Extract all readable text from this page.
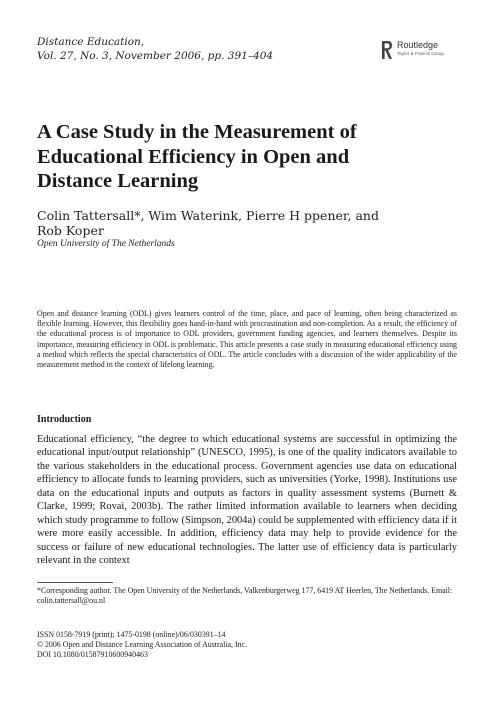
Distance Education,
Vol. 27, No. 3, November 2006, pp. 391–404
Routledge
Taylor & Francis Group
A Case Study in the Measurement of
Educational Efficiency in Open and
Distance Learning
Colin Tattersall*, Wim Waterink, Pierre H ppener, and
Rob Koper
Open University of The Netherlands
Open and distance learning (ODL) gives learners control of the time, place, and pace of learning, often being characterized as flexible learning. However, this flexibility goes hand-in-hand with procrastination and non-completion. As a result, the efficiency of the educational process is of importance to ODL providers, government funding agencies, and learners themselves. Despite its importance, measuring efficiency in ODL is problematic. This article presents a case study in measuring educational efficiency using a method which reflects the special characteristics of ODL. The article concludes with a discussion of the wider applicability of the measurement method in the context of lifelong learning.
Introduction
Educational efficiency, “the degree to which educational systems are successful in optimizing the educational input/output relationship” (UNESCO, 1995), is one of the quality indicators available to the various stakeholders in the educational process. Government agencies use data on educational efficiency to allocate funds to learning providers, such as universities (Yorke, 1998). Institutions use data on the educational inputs and outputs as factors in quality assessment systems (Burnett & Clarke, 1999; Rovai, 2003b). The rather limited information available to learners when deciding which study programme to follow (Simpson, 2004a) could be supplemented with efficiency data if it were more easily accessible. In addition, efficiency data may help to provide evidence for the success or failure of new educational technologies. The latter use of efficiency data is particularly relevant in the context
*Corresponding author. The Open University of the Netherlands, Valkenburgerweg 177, 6419 AT Heerlen, The Netherlands. Email: colin.tattersall@ou.nl
ISSN 0158-7919 (print); 1475-0198 (online)/06/030391–14
© 2006 Open and Distance Learning Association of Australia, Inc.
DOI 10.1080/01587910600940463
